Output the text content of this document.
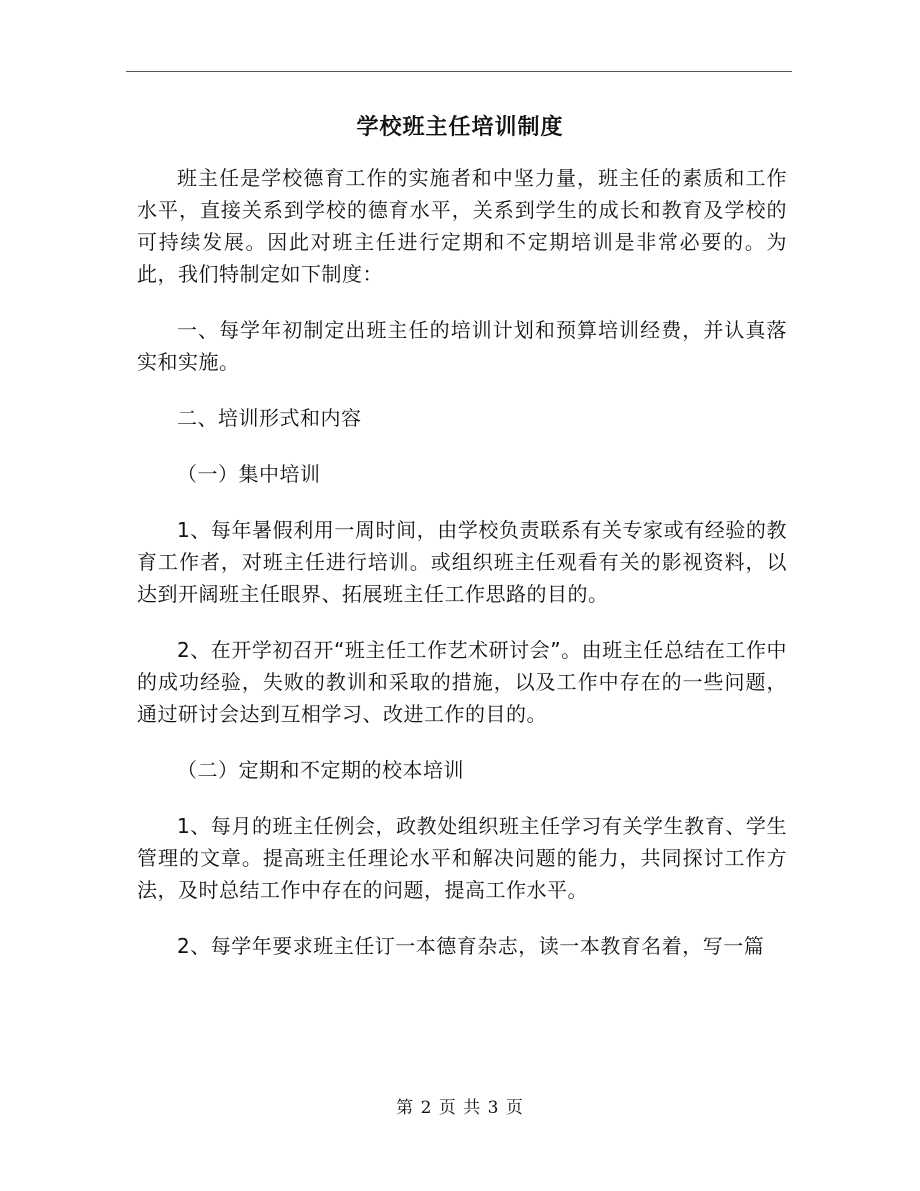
学校班主任培训制度

班主任是学校德育工作的实施者和中坚力量，班主任的素质和工作水平，直接关系到学校的德育水平，关系到学生的成长和教育及学校的可持续发展。因此对班主任进行定期和不定期培训是非常必要的。为此，我们特制定如下制度：

一、每学年初制定出班主任的培训计划和预算培训经费，并认真落实和实施。

二、培训形式和内容

（一）集中培训

1、每年暑假利用一周时间，由学校负责联系有关专家或有经验的教育工作者，对班主任进行培训。或组织班主任观看有关的影视资料，以达到开阔班主任眼界、拓展班主任工作思路的目的。

2、在开学初召开“班主任工作艺术研讨会”。由班主任总结在工作中的成功经验，失败的教训和采取的措施，以及工作中存在的一些问题，通过研讨会达到互相学习、改进工作的目的。

（二）定期和不定期的校本培训

1、每月的班主任例会，政教处组织班主任学习有关学生教育、学生管理的文章。提高班主任理论水平和解决问题的能力，共同探讨工作方法，及时总结工作中存在的问题，提高工作水平。

2、每学年要求班主任订一本德育杂志，读一本教育名着，写一篇

第 2 页 共 3 页
